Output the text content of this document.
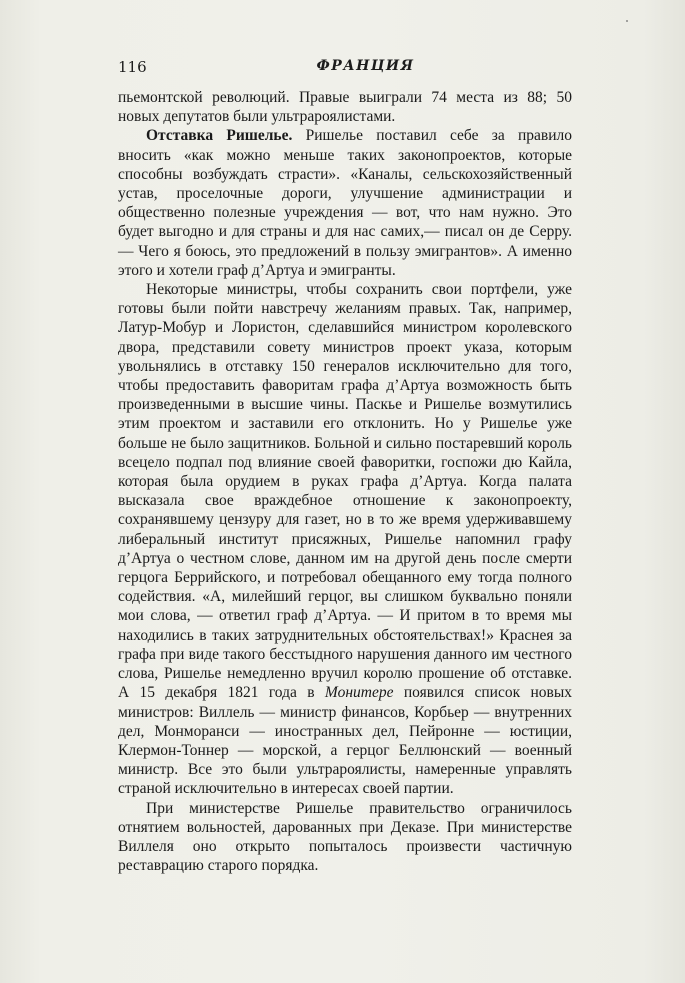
116	ФРАНЦИЯ

пьемонтской революций. Правые выиграли 74 места из 88; 50 новых депутатов были ультрароялистами.

Отставка Ришелье. Ришелье поставил себе за правило вносить «как можно меньше таких законопроектов, которые способны возбуждать страсти». «Каналы, сельскохозяйственный устав, проселочные дороги, улучшение администрации и общественно полезные учреждения — вот, что нам нужно. Это будет выгодно и для страны и для нас самих,— писал он де Серру. — Чего я боюсь, это предложений в пользу эмигрантов». А именно этого и хотели граф д’Артуа и эмигранты.

Некоторые министры, чтобы сохранить свои портфели, уже готовы были пойти навстречу желаниям правых. Так, например, Латур-Мобур и Лористон, сделавшийся министром королевского двора, представили совету министров проект указа, которым увольнялись в отставку 150 генералов исключительно для того, чтобы предоставить фаворитам графа д’Артуа возможность быть произведенными в высшие чины. Паскье и Ришелье возмутились этим проектом и заставили его отклонить. Но у Ришелье уже больше не было защитников. Больной и сильно постаревший король всецело подпал под влияние своей фаворитки, госпожи дю Кайла, которая была орудием в руках графа д’Артуа. Когда палата высказала свое враждебное отношение к законопроекту, сохранявшему цензуру для газет, но в то же время удерживавшему либеральный институт присяжных, Ришелье напомнил графу д’Артуа о честном слове, данном им на другой день после смерти герцога Беррийского, и потребовал обещанного ему тогда полного содействия. «А, милейший герцог, вы слишком буквально поняли мои слова, — ответил граф д’Артуа. — И притом в то время мы находились в таких затруднительных обстоятельствах!» Краснея за графа при виде такого бесстыдного нарушения данного им честного слова, Ришелье немедленно вручил королю прошение об отставке. А 15 декабря 1821 года в Монитере появился список новых министров: Виллель — министр финансов, Корбьер — внутренних дел, Монморанси — иностранных дел, Пейронне — юстиции, Клермон-Тоннер — морской, а герцог Беллюнский — военный министр. Все это были ультрароялисты, намеренные управлять страной исключительно в интересах своей партии.

При министерстве Ришелье правительство ограничилось отнятием вольностей, дарованных при Деказе. При министерстве Виллеля оно открыто попыталось произвести частичную реставрацию старого порядка.
